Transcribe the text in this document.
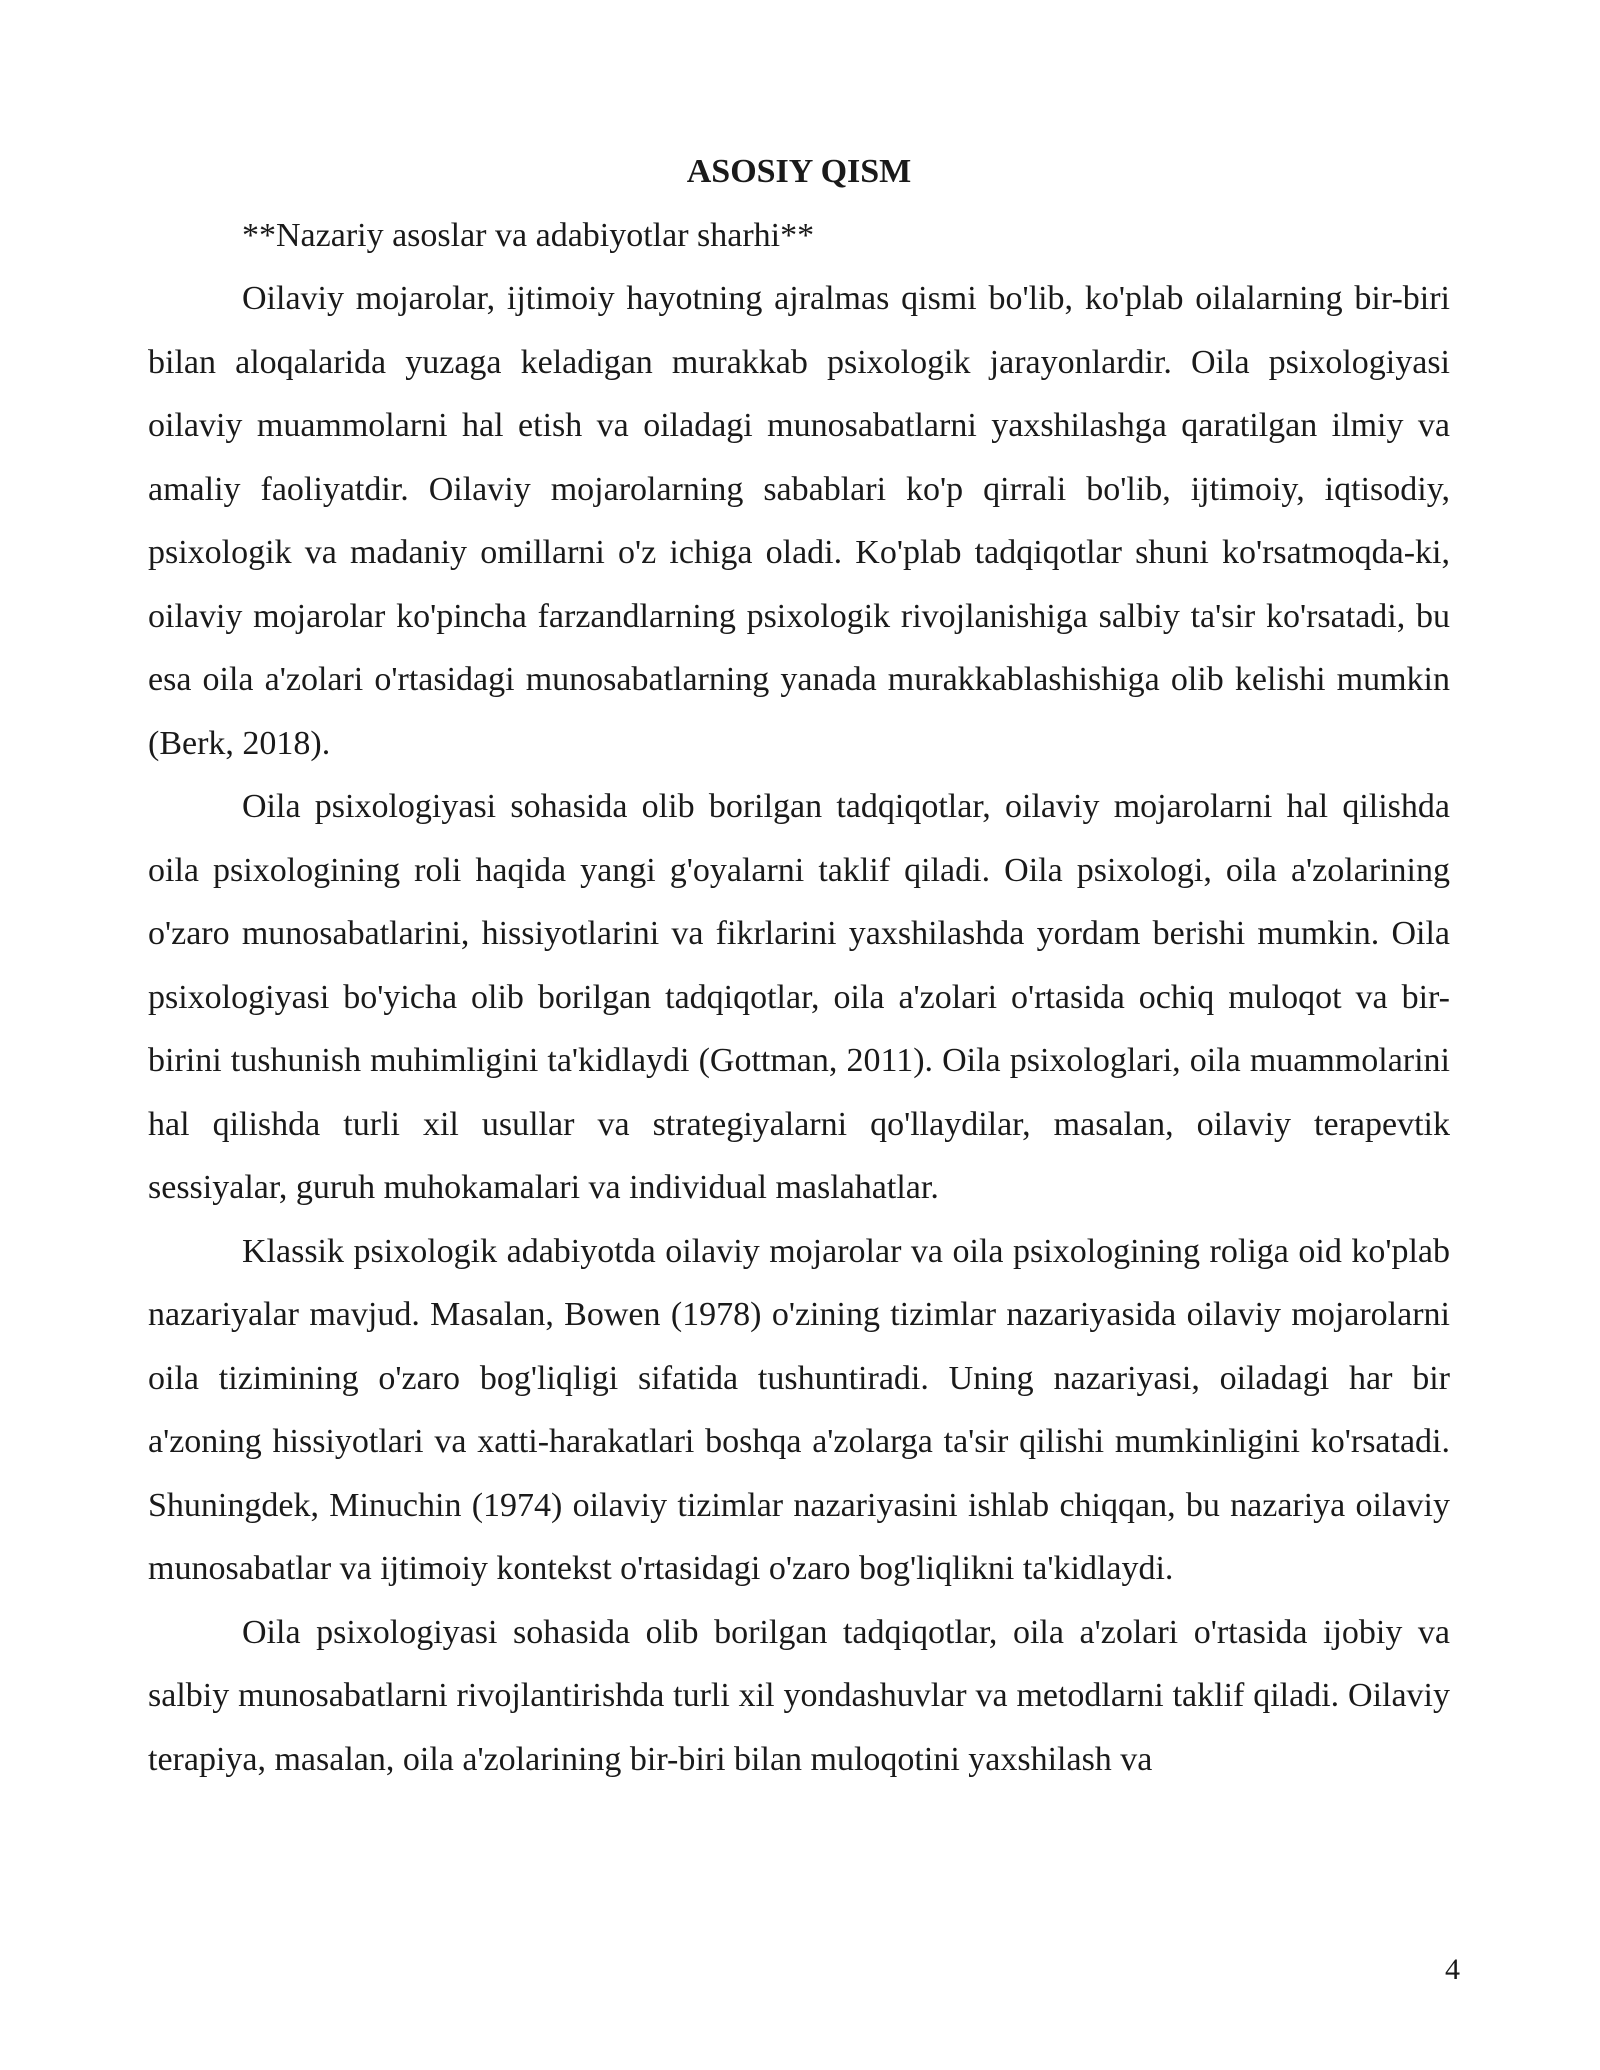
ASOSIY QISM

**Nazariy asoslar va adabiyotlar sharhi**

Oilaviy mojarolar, ijtimoiy hayotning ajralmas qismi bo'lib, ko'plab oilalarning bir-biri bilan aloqalarida yuzaga keladigan murakkab psixologik jarayonlardir. Oila psixologiyasi oilaviy muammolarni hal etish va oiladagi munosabatlarni yaxshilashga qaratilgan ilmiy va amaliy faoliyatdir. Oilaviy mojarolarning sabablari ko'p qirrali bo'lib, ijtimoiy, iqtisodiy, psixologik va madaniy omillarni o'z ichiga oladi. Ko'plab tadqiqotlar shuni ko'rsatmoqda-ki, oilaviy mojarolar ko'pincha farzandlarning psixologik rivojlanishiga salbiy ta'sir ko'rsatadi, bu esa oila a'zolari o'rtasidagi munosabatlarning yanada murakkablashishiga olib kelishi mumkin (Berk, 2018).

Oila psixologiyasi sohasida olib borilgan tadqiqotlar, oilaviy mojarolarni hal qilishda oila psixologining roli haqida yangi g'oyalarni taklif qiladi. Oila psixologi, oila a'zolarining o'zaro munosabatlarini, hissiyotlarini va fikrlarini yaxshilashda yordam berishi mumkin. Oila psixologiyasi bo'yicha olib borilgan tadqiqotlar, oila a'zolari o'rtasida ochiq muloqot va bir-birini tushunish muhimligini ta'kidlaydi (Gottman, 2011). Oila psixologlari, oila muammolarini hal qilishda turli xil usullar va strategiyalarni qo'llaydilar, masalan, oilaviy terapevtik sessiyalar, guruh muhokamalari va individual maslahatlar.

Klassik psixologik adabiyotda oilaviy mojarolar va oila psixologining roliga oid ko'plab nazariyalar mavjud. Masalan, Bowen (1978) o'zining tizimlar nazariyasida oilaviy mojarolarni oila tizimining o'zaro bog'liqligi sifatida tushuntiradi. Uning nazariyasi, oiladagi har bir a'zoning hissiyotlari va xatti-harakatlari boshqa a'zolarga ta'sir qilishi mumkinligini ko'rsatadi. Shuningdek, Minuchin (1974) oilaviy tizimlar nazariyasini ishlab chiqqan, bu nazariya oilaviy munosabatlar va ijtimoiy kontekst o'rtasidagi o'zaro bog'liqlikni ta'kidlaydi.

Oila psixologiyasi sohasida olib borilgan tadqiqotlar, oila a'zolari o'rtasida ijobiy va salbiy munosabatlarni rivojlantirishda turli xil yondashuvlar va metodlarni taklif qiladi. Oilaviy terapiya, masalan, oila a'zolarining bir-biri bilan muloqotini yaxshilash va

4
